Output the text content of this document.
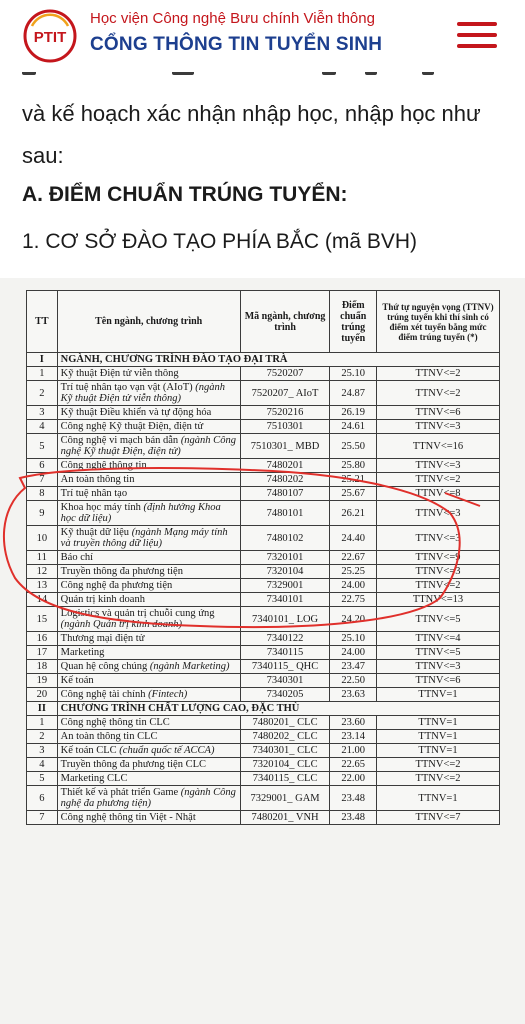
PTIT
Học viện Công nghệ Bưu chính Viễn thông
CỔNG THÔNG TIN TUYỂN SINH
và kế hoạch xác nhận nhập học, nhập học như
sau:
A. ĐIỂM CHUẨN TRÚNG TUYỂN:
1. CƠ SỞ ĐÀO TẠO PHÍA BẮC (mã BVH)
TT	Tên ngành, chương trình	Mã ngành, chương trình	Điểm chuẩn trúng tuyển	Thứ tự nguyện vọng (TTNV) trúng tuyển khi thí sinh có điểm xét tuyển bằng mức điểm trúng tuyển (*)
I	NGÀNH, CHƯƠNG TRÌNH ĐÀO TẠO ĐẠI TRÀ			
1	Kỹ thuật Điện tử viễn thông	7520207	25.10	TTNV<=2
2	Trí tuệ nhân tạo vạn vật (AIoT) (ngành Kỹ thuật Điện tử viễn thông)	7520207_ AIoT	24.87	TTNV<=2
3	Kỹ thuật Điều khiển và tự động hóa	7520216	26.19	TTNV<=6
4	Công nghệ Kỹ thuật Điện, điện tử	7510301	24.61	TTNV<=3
5	Công nghệ vi mạch bán dẫn (ngành Công nghệ Kỹ thuật Điện, điện tử)	7510301_ MBD	25.50	TTNV<=16
6	Công nghệ thông tin	7480201	25.80	TTNV<=3
7	An toàn thông tin	7480202	25.21	TTNV<=2
8	Trí tuệ nhân tạo	7480107	25.67	TTNV<=8
9	Khoa học máy tính (định hướng Khoa học dữ liệu)	7480101	26.21	TTNV<=3
10	Kỹ thuật dữ liệu (ngành Mạng máy tính và truyền thông dữ liệu)	7480102	24.40	TTNV<=3
11	Báo chí	7320101	22.67	TTNV<=9
12	Truyền thông đa phương tiện	7320104	25.25	TTNV<=3
13	Công nghệ đa phương tiện	7329001	24.00	TTNV<=2
14	Quản trị kinh doanh	7340101	22.75	TTNV<=13
15	Logistics và quản trị chuỗi cung ứng (ngành Quản trị kinh doanh)	7340101_ LOG	24.20	TTNV<=5
16	Thương mại điện tử	7340122	25.10	TTNV<=4
17	Marketing	7340115	24.00	TTNV<=5
18	Quan hệ công chúng (ngành Marketing)	7340115_ QHC	23.47	TTNV<=3
19	Kế toán	7340301	22.50	TTNV<=6
20	Công nghệ tài chính (Fintech)	7340205	23.63	TTNV=1
II	CHƯƠNG TRÌNH CHẤT LƯỢNG CAO, ĐẶC THÙ			
1	Công nghệ thông tin CLC	7480201_ CLC	23.60	TTNV=1
2	An toàn thông tin CLC	7480202_ CLC	23.14	TTNV=1
3	Kế toán CLC (chuẩn quốc tế ACCA)	7340301_ CLC	21.00	TTNV=1
4	Truyền thông đa phương tiện CLC	7320104_ CLC	22.65	TTNV<=2
5	Marketing CLC	7340115_ CLC	22.00	TTNV<=2
6	Thiết kế và phát triển Game (ngành Công nghệ đa phương tiện)	7329001_ GAM	23.48	TTNV=1
7	Công nghệ thông tin Việt - Nhật	7480201_ VNH	23.48	TTNV<=7
